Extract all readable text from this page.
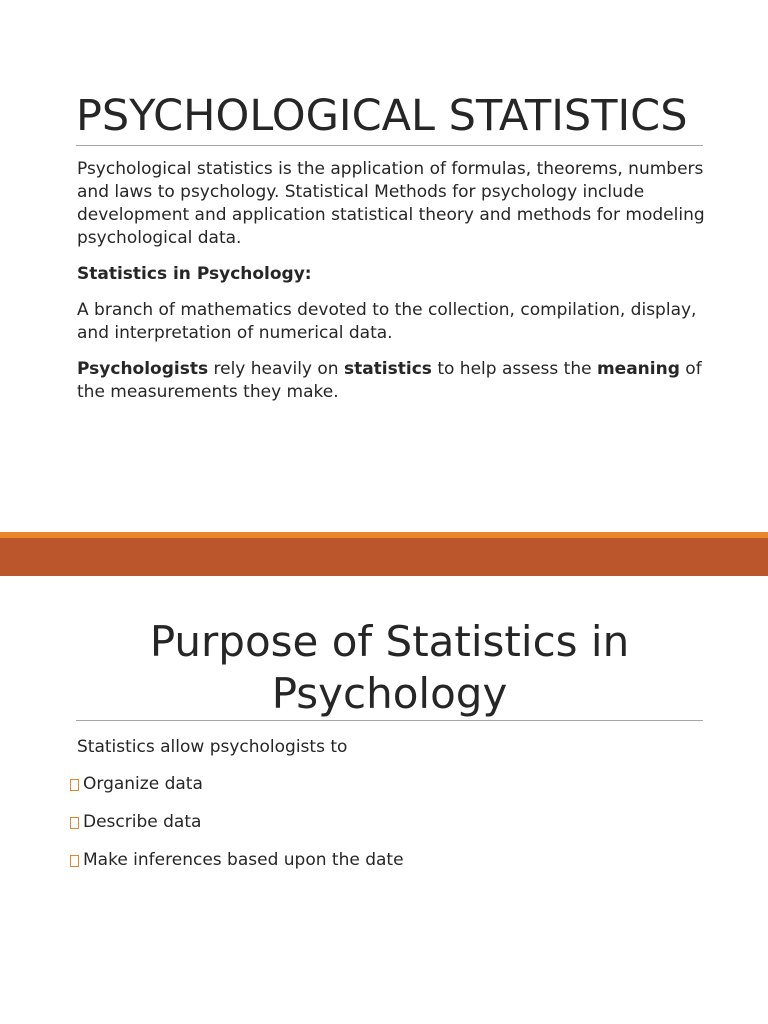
PSYCHOLOGICAL STATISTICS

Psychological statistics is the application of formulas, theorems, numbers and laws to psychology. Statistical Methods for psychology include development and application statistical theory and methods for modeling psychological data.

Statistics in Psychology:

A branch of mathematics devoted to the collection, compilation, display, and interpretation of numerical data.

Psychologists rely heavily on statistics to help assess the meaning of the measurements they make.

Purpose of Statistics in
Psychology

Statistics allow psychologists to

Organize data
Describe data
Make inferences based upon the date
